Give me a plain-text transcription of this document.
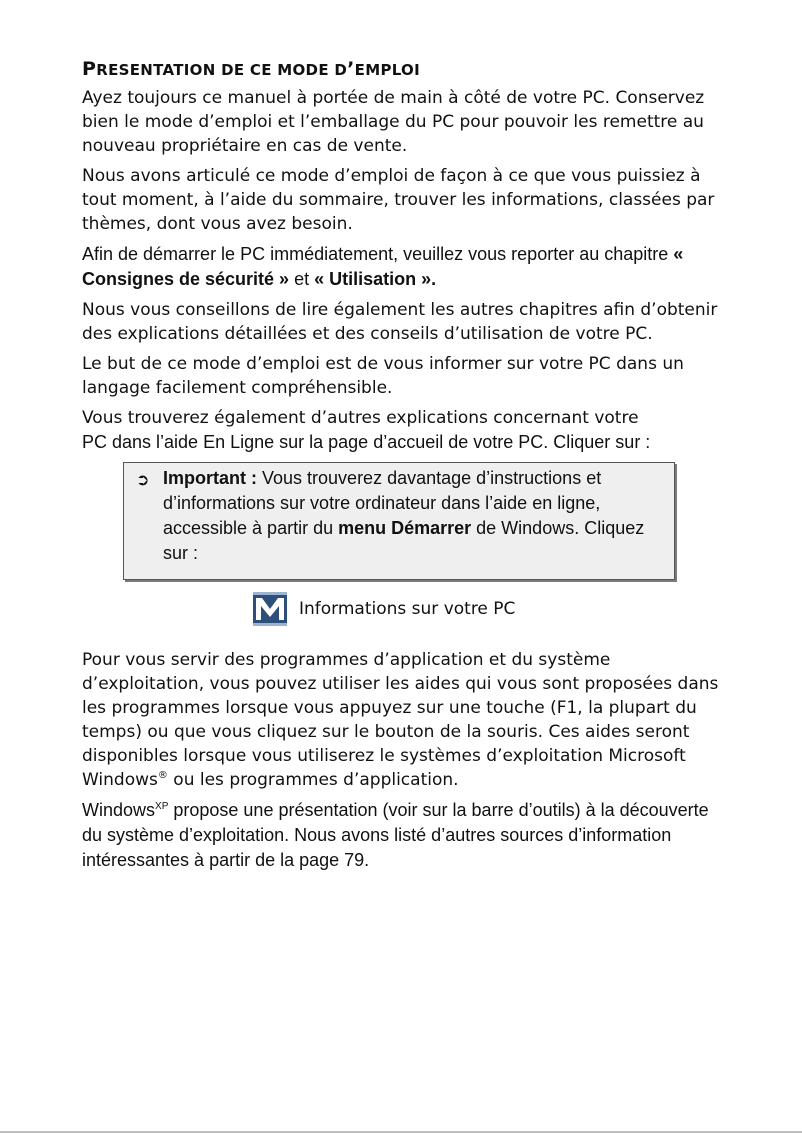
PRESENTATION DE CE MODE D’EMPLOI

Ayez toujours ce manuel à portée de main à côté de votre PC. Conservez bien le mode d’emploi et l’emballage du PC pour pouvoir les remettre au nouveau propriétaire en cas de vente.

Nous avons articulé ce mode d’emploi de façon à ce que vous puissiez à tout moment, à l’aide du sommaire, trouver les informations, classées par thèmes, dont vous avez besoin.

Afin de démarrer le PC immédiatement, veuillez vous reporter au chapitre « Consignes de sécurité » et « Utilisation ».

Nous vous conseillons de lire également les autres chapitres afin d’obtenir des explications détaillées et des conseils d’utilisation de votre PC.

Le but de ce mode d’emploi est de vous informer sur votre PC dans un langage facilement compréhensible.

Vous trouverez également d’autres explications concernant votre
PC dans l’aide En Ligne sur la page d’accueil de votre PC. Cliquer sur :

➲ Important : Vous trouverez davantage d’instructions et d’informations sur votre ordinateur dans l’aide en ligne, accessible à partir du menu Démarrer de Windows. Cliquez sur :
Informations sur votre PC

Pour vous servir des programmes d’application et du système d’exploitation, vous pouvez utiliser les aides qui vous sont proposées dans les programmes lorsque vous appuyez sur une touche (F1, la plupart du temps) ou que vous cliquez sur le bouton de la souris. Ces aides seront disponibles lorsque vous utiliserez le systèmes d’exploitation Microsoft Windows® ou les programmes d’application.

Windows$^{XP}$ propose une présentation (voir sur la barre d’outils) à la découverte du système d’exploitation. Nous avons listé d’autres sources d’information intéressantes à partir de la page 79.
